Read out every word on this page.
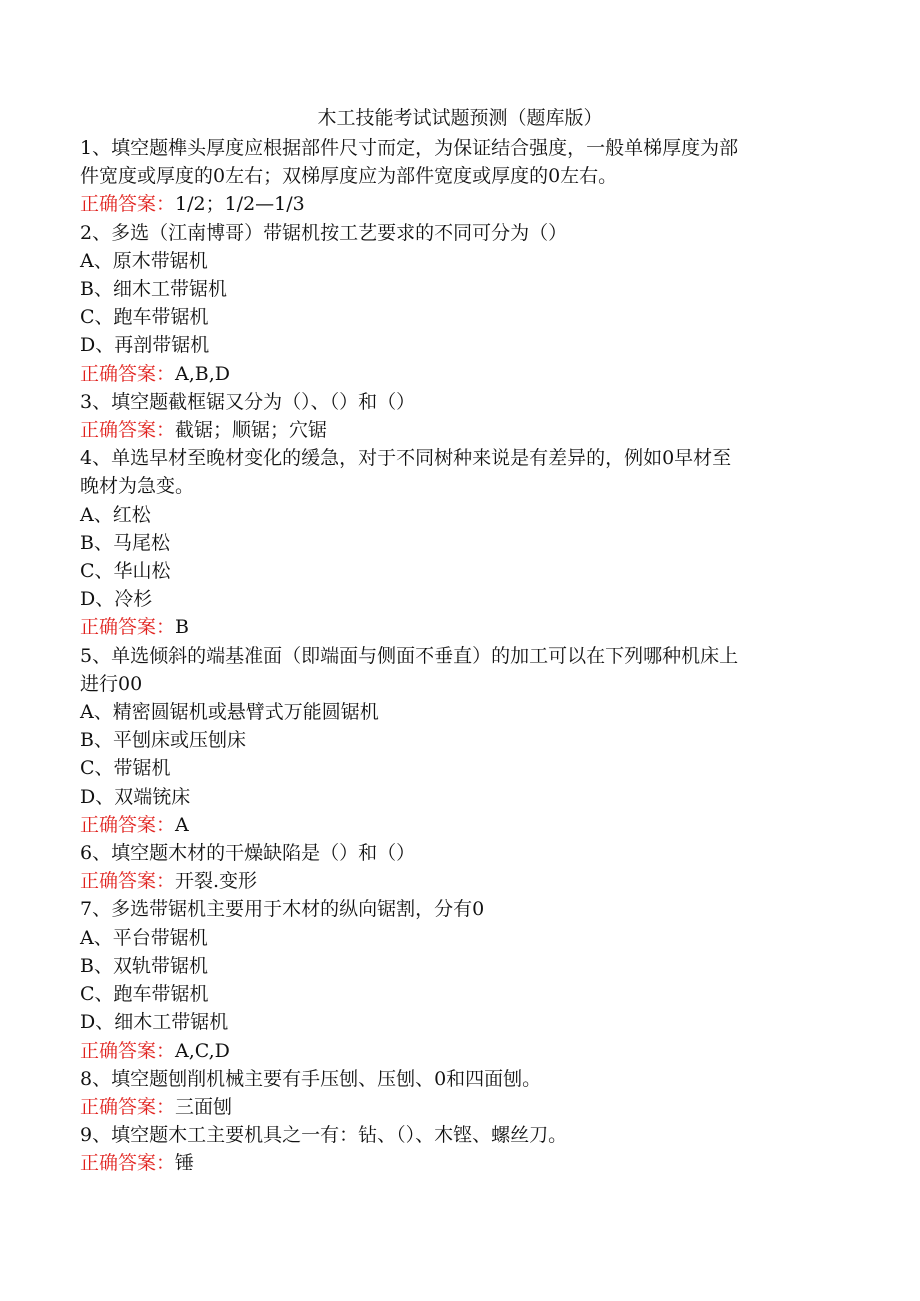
木工技能考试试题预测（题库版）
1、填空题榫头厚度应根据部件尺寸而定，为保证结合强度，一般单梯厚度为部
件宽度或厚度的0左右；双梯厚度应为部件宽度或厚度的0左右。
正确答案：1/2；1/2—1/3
2、多选（江南博哥）带锯机按工艺要求的不同可分为（）
A、原木带锯机
B、细木工带锯机
C、跑车带锯机
D、再剖带锯机
正确答案：A,B,D
3、填空题截框锯又分为（）、（）和（）
正确答案：截锯；顺锯；穴锯
4、单选早材至晚材变化的缓急，对于不同树种来说是有差异的，例如0早材至
晚材为急变。
A、红松
B、马尾松
C、华山松
D、冷杉
正确答案：B
5、单选倾斜的端基准面（即端面与侧面不垂直）的加工可以在下列哪种机床上
进行00
A、精密圆锯机或悬臂式万能圆锯机
B、平刨床或压刨床
C、带锯机
D、双端铳床
正确答案：A
6、填空题木材的干燥缺陷是（）和（）
正确答案：开裂.变形
7、多选带锯机主要用于木材的纵向锯割，分有0
A、平台带锯机
B、双轨带锯机
C、跑车带锯机
D、细木工带锯机
正确答案：A,C,D
8、填空题刨削机械主要有手压刨、压刨、0和四面刨。
正确答案：三面刨
9、填空题木工主要机具之一有：钻、（）、木铿、螺丝刀。
正确答案：锤
